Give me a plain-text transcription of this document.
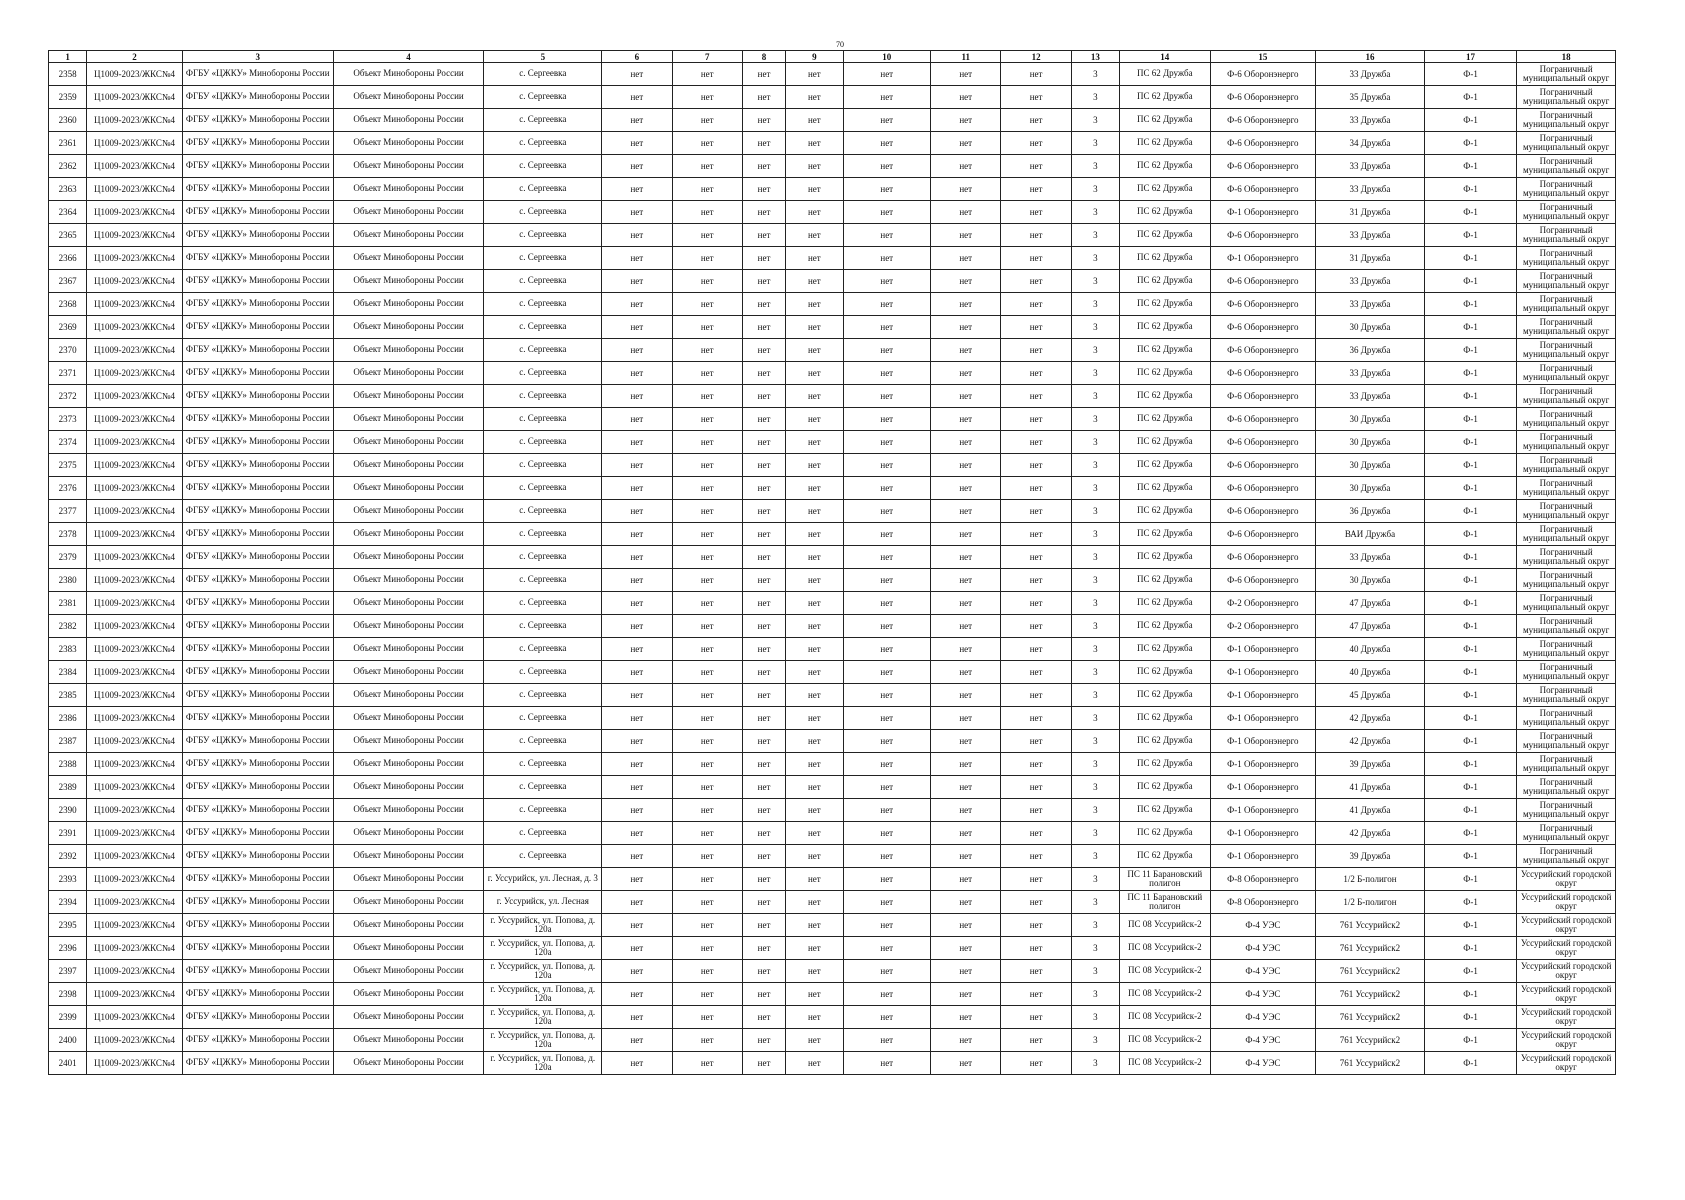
70
1	2	3	4	5	6	7	8	9	10	11	12	13	14	15	16	17	18
2358	Ц1009-2023/ЖКС№4	ФГБУ «ЦЖКУ» Минобороны России	Объект Минобороны России	с. Сергеевка	нет	нет	нет	нет	нет	нет	нет	3	ПС 62 Дружба	Ф-6 Оборонэнерго	33 Дружба	Ф-1	Пограничный муниципальный округ
2359	Ц1009-2023/ЖКС№4	ФГБУ «ЦЖКУ» Минобороны России	Объект Минобороны России	с. Сергеевка	нет	нет	нет	нет	нет	нет	нет	3	ПС 62 Дружба	Ф-6 Оборонэнерго	35 Дружба	Ф-1	Пограничный муниципальный округ
2360	Ц1009-2023/ЖКС№4	ФГБУ «ЦЖКУ» Минобороны России	Объект Минобороны России	с. Сергеевка	нет	нет	нет	нет	нет	нет	нет	3	ПС 62 Дружба	Ф-6 Оборонэнерго	33 Дружба	Ф-1	Пограничный муниципальный округ
2361	Ц1009-2023/ЖКС№4	ФГБУ «ЦЖКУ» Минобороны России	Объект Минобороны России	с. Сергеевка	нет	нет	нет	нет	нет	нет	нет	3	ПС 62 Дружба	Ф-6 Оборонэнерго	34 Дружба	Ф-1	Пограничный муниципальный округ
2362	Ц1009-2023/ЖКС№4	ФГБУ «ЦЖКУ» Минобороны России	Объект Минобороны России	с. Сергеевка	нет	нет	нет	нет	нет	нет	нет	3	ПС 62 Дружба	Ф-6 Оборонэнерго	33 Дружба	Ф-1	Пограничный муниципальный округ
2363	Ц1009-2023/ЖКС№4	ФГБУ «ЦЖКУ» Минобороны России	Объект Минобороны России	с. Сергеевка	нет	нет	нет	нет	нет	нет	нет	3	ПС 62 Дружба	Ф-6 Оборонэнерго	33 Дружба	Ф-1	Пограничный муниципальный округ
2364	Ц1009-2023/ЖКС№4	ФГБУ «ЦЖКУ» Минобороны России	Объект Минобороны России	с. Сергеевка	нет	нет	нет	нет	нет	нет	нет	3	ПС 62 Дружба	Ф-1 Оборонэнерго	31 Дружба	Ф-1	Пограничный муниципальный округ
2365	Ц1009-2023/ЖКС№4	ФГБУ «ЦЖКУ» Минобороны России	Объект Минобороны России	с. Сергеевка	нет	нет	нет	нет	нет	нет	нет	3	ПС 62 Дружба	Ф-6 Оборонэнерго	33 Дружба	Ф-1	Пограничный муниципальный округ
2366	Ц1009-2023/ЖКС№4	ФГБУ «ЦЖКУ» Минобороны России	Объект Минобороны России	с. Сергеевка	нет	нет	нет	нет	нет	нет	нет	3	ПС 62 Дружба	Ф-1 Оборонэнерго	31 Дружба	Ф-1	Пограничный муниципальный округ
2367	Ц1009-2023/ЖКС№4	ФГБУ «ЦЖКУ» Минобороны России	Объект Минобороны России	с. Сергеевка	нет	нет	нет	нет	нет	нет	нет	3	ПС 62 Дружба	Ф-6 Оборонэнерго	33 Дружба	Ф-1	Пограничный муниципальный округ
2368	Ц1009-2023/ЖКС№4	ФГБУ «ЦЖКУ» Минобороны России	Объект Минобороны России	с. Сергеевка	нет	нет	нет	нет	нет	нет	нет	3	ПС 62 Дружба	Ф-6 Оборонэнерго	33 Дружба	Ф-1	Пограничный муниципальный округ
2369	Ц1009-2023/ЖКС№4	ФГБУ «ЦЖКУ» Минобороны России	Объект Минобороны России	с. Сергеевка	нет	нет	нет	нет	нет	нет	нет	3	ПС 62 Дружба	Ф-6 Оборонэнерго	30 Дружба	Ф-1	Пограничный муниципальный округ
2370	Ц1009-2023/ЖКС№4	ФГБУ «ЦЖКУ» Минобороны России	Объект Минобороны России	с. Сергеевка	нет	нет	нет	нет	нет	нет	нет	3	ПС 62 Дружба	Ф-6 Оборонэнерго	36 Дружба	Ф-1	Пограничный муниципальный округ
2371	Ц1009-2023/ЖКС№4	ФГБУ «ЦЖКУ» Минобороны России	Объект Минобороны России	с. Сергеевка	нет	нет	нет	нет	нет	нет	нет	3	ПС 62 Дружба	Ф-6 Оборонэнерго	33 Дружба	Ф-1	Пограничный муниципальный округ
2372	Ц1009-2023/ЖКС№4	ФГБУ «ЦЖКУ» Минобороны России	Объект Минобороны России	с. Сергеевка	нет	нет	нет	нет	нет	нет	нет	3	ПС 62 Дружба	Ф-6 Оборонэнерго	33 Дружба	Ф-1	Пограничный муниципальный округ
2373	Ц1009-2023/ЖКС№4	ФГБУ «ЦЖКУ» Минобороны России	Объект Минобороны России	с. Сергеевка	нет	нет	нет	нет	нет	нет	нет	3	ПС 62 Дружба	Ф-6 Оборонэнерго	30 Дружба	Ф-1	Пограничный муниципальный округ
2374	Ц1009-2023/ЖКС№4	ФГБУ «ЦЖКУ» Минобороны России	Объект Минобороны России	с. Сергеевка	нет	нет	нет	нет	нет	нет	нет	3	ПС 62 Дружба	Ф-6 Оборонэнерго	30 Дружба	Ф-1	Пограничный муниципальный округ
2375	Ц1009-2023/ЖКС№4	ФГБУ «ЦЖКУ» Минобороны России	Объект Минобороны России	с. Сергеевка	нет	нет	нет	нет	нет	нет	нет	3	ПС 62 Дружба	Ф-6 Оборонэнерго	30 Дружба	Ф-1	Пограничный муниципальный округ
2376	Ц1009-2023/ЖКС№4	ФГБУ «ЦЖКУ» Минобороны России	Объект Минобороны России	с. Сергеевка	нет	нет	нет	нет	нет	нет	нет	3	ПС 62 Дружба	Ф-6 Оборонэнерго	30 Дружба	Ф-1	Пограничный муниципальный округ
2377	Ц1009-2023/ЖКС№4	ФГБУ «ЦЖКУ» Минобороны России	Объект Минобороны России	с. Сергеевка	нет	нет	нет	нет	нет	нет	нет	3	ПС 62 Дружба	Ф-6 Оборонэнерго	36 Дружба	Ф-1	Пограничный муниципальный округ
2378	Ц1009-2023/ЖКС№4	ФГБУ «ЦЖКУ» Минобороны России	Объект Минобороны России	с. Сергеевка	нет	нет	нет	нет	нет	нет	нет	3	ПС 62 Дружба	Ф-6 Оборонэнерго	ВАИ Дружба	Ф-1	Пограничный муниципальный округ
2379	Ц1009-2023/ЖКС№4	ФГБУ «ЦЖКУ» Минобороны России	Объект Минобороны России	с. Сергеевка	нет	нет	нет	нет	нет	нет	нет	3	ПС 62 Дружба	Ф-6 Оборонэнерго	33 Дружба	Ф-1	Пограничный муниципальный округ
2380	Ц1009-2023/ЖКС№4	ФГБУ «ЦЖКУ» Минобороны России	Объект Минобороны России	с. Сергеевка	нет	нет	нет	нет	нет	нет	нет	3	ПС 62 Дружба	Ф-6 Оборонэнерго	30 Дружба	Ф-1	Пограничный муниципальный округ
2381	Ц1009-2023/ЖКС№4	ФГБУ «ЦЖКУ» Минобороны России	Объект Минобороны России	с. Сергеевка	нет	нет	нет	нет	нет	нет	нет	3	ПС 62 Дружба	Ф-2 Оборонэнерго	47 Дружба	Ф-1	Пограничный муниципальный округ
2382	Ц1009-2023/ЖКС№4	ФГБУ «ЦЖКУ» Минобороны России	Объект Минобороны России	с. Сергеевка	нет	нет	нет	нет	нет	нет	нет	3	ПС 62 Дружба	Ф-2 Оборонэнерго	47 Дружба	Ф-1	Пограничный муниципальный округ
2383	Ц1009-2023/ЖКС№4	ФГБУ «ЦЖКУ» Минобороны России	Объект Минобороны России	с. Сергеевка	нет	нет	нет	нет	нет	нет	нет	3	ПС 62 Дружба	Ф-1 Оборонэнерго	40 Дружба	Ф-1	Пограничный муниципальный округ
2384	Ц1009-2023/ЖКС№4	ФГБУ «ЦЖКУ» Минобороны России	Объект Минобороны России	с. Сергеевка	нет	нет	нет	нет	нет	нет	нет	3	ПС 62 Дружба	Ф-1 Оборонэнерго	40 Дружба	Ф-1	Пограничный муниципальный округ
2385	Ц1009-2023/ЖКС№4	ФГБУ «ЦЖКУ» Минобороны России	Объект Минобороны России	с. Сергеевка	нет	нет	нет	нет	нет	нет	нет	3	ПС 62 Дружба	Ф-1 Оборонэнерго	45 Дружба	Ф-1	Пограничный муниципальный округ
2386	Ц1009-2023/ЖКС№4	ФГБУ «ЦЖКУ» Минобороны России	Объект Минобороны России	с. Сергеевка	нет	нет	нет	нет	нет	нет	нет	3	ПС 62 Дружба	Ф-1 Оборонэнерго	42 Дружба	Ф-1	Пограничный муниципальный округ
2387	Ц1009-2023/ЖКС№4	ФГБУ «ЦЖКУ» Минобороны России	Объект Минобороны России	с. Сергеевка	нет	нет	нет	нет	нет	нет	нет	3	ПС 62 Дружба	Ф-1 Оборонэнерго	42 Дружба	Ф-1	Пограничный муниципальный округ
2388	Ц1009-2023/ЖКС№4	ФГБУ «ЦЖКУ» Минобороны России	Объект Минобороны России	с. Сергеевка	нет	нет	нет	нет	нет	нет	нет	3	ПС 62 Дружба	Ф-1 Оборонэнерго	39 Дружба	Ф-1	Пограничный муниципальный округ
2389	Ц1009-2023/ЖКС№4	ФГБУ «ЦЖКУ» Минобороны России	Объект Минобороны России	с. Сергеевка	нет	нет	нет	нет	нет	нет	нет	3	ПС 62 Дружба	Ф-1 Оборонэнерго	41 Дружба	Ф-1	Пограничный муниципальный округ
2390	Ц1009-2023/ЖКС№4	ФГБУ «ЦЖКУ» Минобороны России	Объект Минобороны России	с. Сергеевка	нет	нет	нет	нет	нет	нет	нет	3	ПС 62 Дружба	Ф-1 Оборонэнерго	41 Дружба	Ф-1	Пограничный муниципальный округ
2391	Ц1009-2023/ЖКС№4	ФГБУ «ЦЖКУ» Минобороны России	Объект Минобороны России	с. Сергеевка	нет	нет	нет	нет	нет	нет	нет	3	ПС 62 Дружба	Ф-1 Оборонэнерго	42 Дружба	Ф-1	Пограничный муниципальный округ
2392	Ц1009-2023/ЖКС№4	ФГБУ «ЦЖКУ» Минобороны России	Объект Минобороны России	с. Сергеевка	нет	нет	нет	нет	нет	нет	нет	3	ПС 62 Дружба	Ф-1 Оборонэнерго	39 Дружба	Ф-1	Пограничный муниципальный округ
2393	Ц1009-2023/ЖКС№4	ФГБУ «ЦЖКУ» Минобороны России	Объект Минобороны России	г. Уссурийск, ул. Лесная, д. 3	нет	нет	нет	нет	нет	нет	нет	3	ПС 11 Барановский полигон	Ф-8 Оборонэнерго	1/2 Б-полигон	Ф-1	Уссурийский городской округ
2394	Ц1009-2023/ЖКС№4	ФГБУ «ЦЖКУ» Минобороны России	Объект Минобороны России	г. Уссурийск, ул. Лесная	нет	нет	нет	нет	нет	нет	нет	3	ПС 11 Барановский полигон	Ф-8 Оборонэнерго	1/2 Б-полигон	Ф-1	Уссурийский городской округ
2395	Ц1009-2023/ЖКС№4	ФГБУ «ЦЖКУ» Минобороны России	Объект Минобороны России	г. Уссурийск, ул. Попова, д. 120а	нет	нет	нет	нет	нет	нет	нет	3	ПС 08 Уссурийск-2	Ф-4 УЭС	761 Уссурийск2	Ф-1	Уссурийский городской округ
2396	Ц1009-2023/ЖКС№4	ФГБУ «ЦЖКУ» Минобороны России	Объект Минобороны России	г. Уссурийск, ул. Попова, д. 120а	нет	нет	нет	нет	нет	нет	нет	3	ПС 08 Уссурийск-2	Ф-4 УЭС	761 Уссурийск2	Ф-1	Уссурийский городской округ
2397	Ц1009-2023/ЖКС№4	ФГБУ «ЦЖКУ» Минобороны России	Объект Минобороны России	г. Уссурийск, ул. Попова, д. 120а	нет	нет	нет	нет	нет	нет	нет	3	ПС 08 Уссурийск-2	Ф-4 УЭС	761 Уссурийск2	Ф-1	Уссурийский городской округ
2398	Ц1009-2023/ЖКС№4	ФГБУ «ЦЖКУ» Минобороны России	Объект Минобороны России	г. Уссурийск, ул. Попова, д. 120а	нет	нет	нет	нет	нет	нет	нет	3	ПС 08 Уссурийск-2	Ф-4 УЭС	761 Уссурийск2	Ф-1	Уссурийский городской округ
2399	Ц1009-2023/ЖКС№4	ФГБУ «ЦЖКУ» Минобороны России	Объект Минобороны России	г. Уссурийск, ул. Попова, д. 120а	нет	нет	нет	нет	нет	нет	нет	3	ПС 08 Уссурийск-2	Ф-4 УЭС	761 Уссурийск2	Ф-1	Уссурийский городской округ
2400	Ц1009-2023/ЖКС№4	ФГБУ «ЦЖКУ» Минобороны России	Объект Минобороны России	г. Уссурийск, ул. Попова, д. 120а	нет	нет	нет	нет	нет	нет	нет	3	ПС 08 Уссурийск-2	Ф-4 УЭС	761 Уссурийск2	Ф-1	Уссурийский городской округ
2401	Ц1009-2023/ЖКС№4	ФГБУ «ЦЖКУ» Минобороны России	Объект Минобороны России	г. Уссурийск, ул. Попова, д. 120а	нет	нет	нет	нет	нет	нет	нет	3	ПС 08 Уссурийск-2	Ф-4 УЭС	761 Уссурийск2	Ф-1	Уссурийский городской округ
